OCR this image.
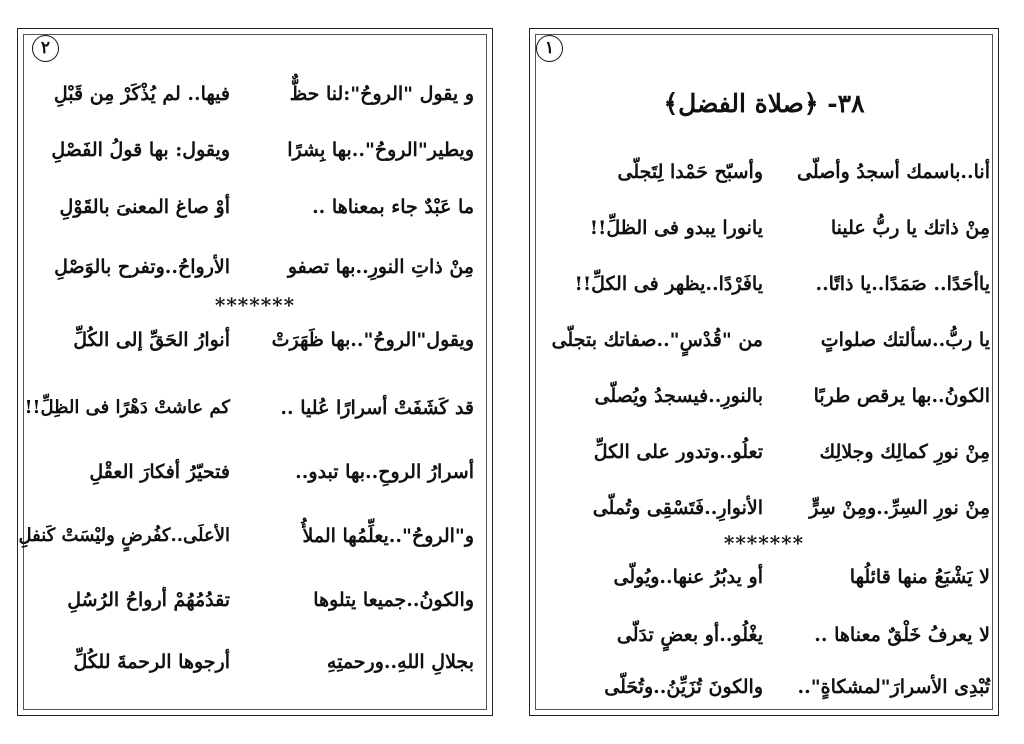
١
٣٨- ﴿صلاة الفضل﴾
أنا..باسمك أسجدُ وأصلّى
وأسبّح حَمْدا لِتَجلّى
مِنْ ذاتك يا ربُّ علينا
يانورا يبدو فى الظلِّ!!
ياأحَدًا.. صَمَدًا..يا ذاتًا..
يافَرْدًا..يظهر فى الكلِّ!!
يا ربُّ..سألتك صلواتٍ
من "قُدْسٍ"..صفاتك بتجلّى
الكونُ..بها يرقص طربًا
بالنورِ..فيسجدُ ويُصلّى
مِنْ نورِ كمالِك وجلالِك
تعلُو..وتدور على الكلِّ
مِنْ نورِ السِرِّ..ومِنْ سِرٍّ
الأنوارِ..فَتَسْقِى وتُملّى
*******
لا يَشْبَعُ منها قائلُها
أو يدبُرُ عنها..ويُولّى
لا يعرفُ خَلْقٌ معناها ..
يغْلُو..أو بعضٍ تدَلّى
تُبْدِى الأسرارَ"لمشكاةٍ"..
والكونَ تُزَيِّنُ..وتُحَلّى
٢
و يقول "الروحُ":لنا حظٌّ
فيها.. لم يُذْكَرْ مِن قَبْلِ
ويطير"الروحُ"..بها بِشرًا
ويقول: بها قولُ الفَصْلِ
ما عَبْدٌ جاء بمعناها ..
أوْ صاغ المعنىَ بالقَوْلِ
مِنْ ذاتِ النورِ..بها تصفو
الأرواحُ..وتفرح بالوَصْلِ
*******
ويقول"الروحُ"..بها ظَهَرَتْ
أنوارُ الحَقِّ إلى الكُلِّ
قد كَشَفَتْ أسرارًا عُليا ..
كم عاشتْ دَهْرًا فى الظِلِّ!!
أسرارُ الروحِ..بها تبدو..
فتحيّرُ أفكارَ العقْلِ
و"الروحُ"..يعلِّمُها الملأُ
الأعلَى..كفُرضٍ وليْسَتْ كَنفلِ
والكونُ..جميعا يتلوها
تقدُمُهُمْ أرواحُ الرُسُلِ
بجلالِ اللهِ..ورحمتِهِ
أرجوها الرحمةَ للكُلِّ
